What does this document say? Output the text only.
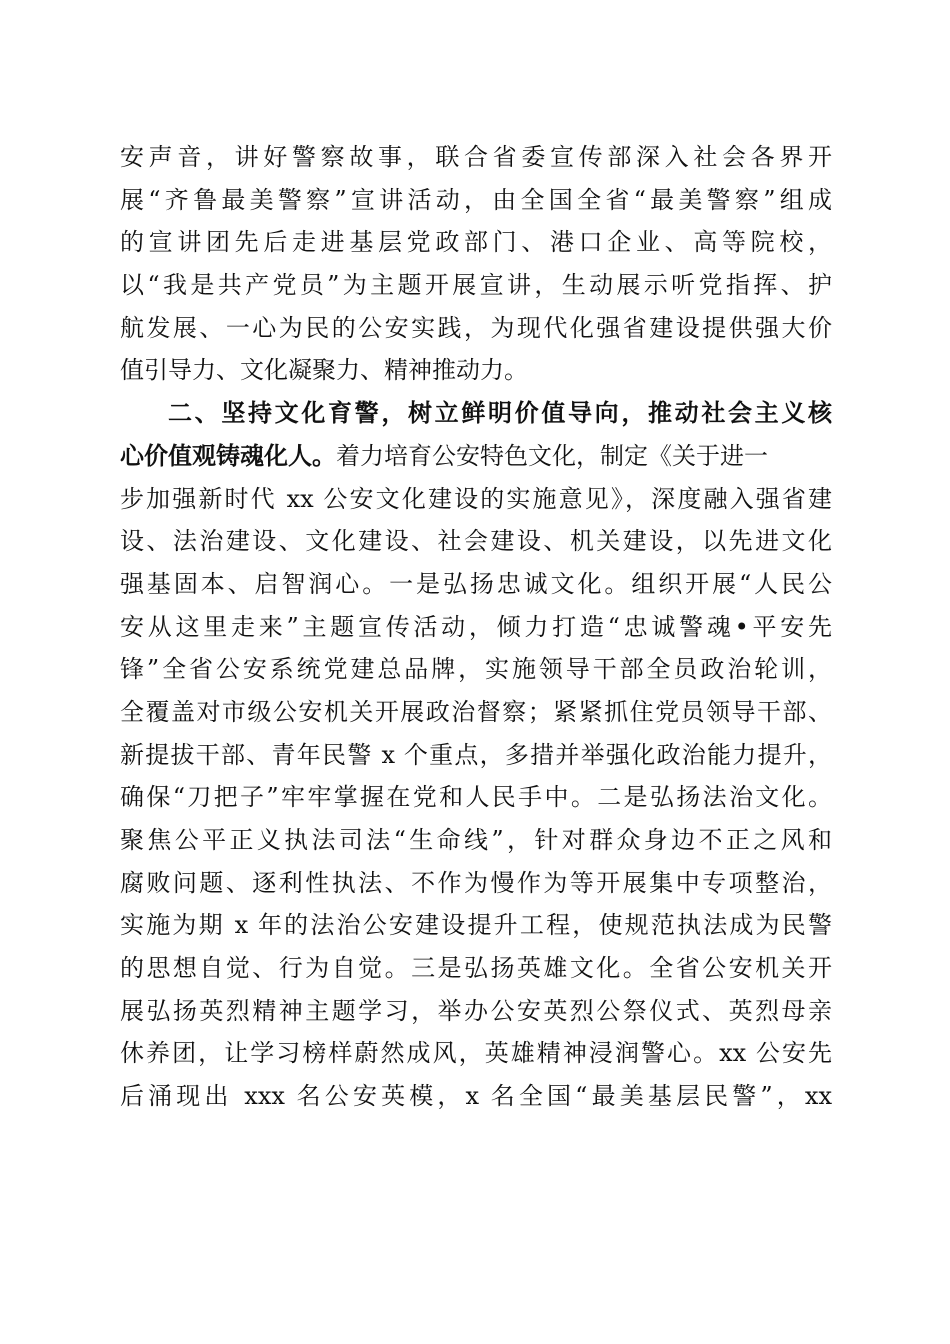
安声音，讲好警察故事，联合省委宣传部深入社会各界开
展“齐鲁最美警察”宣讲活动，由全国全省“最美警察”组成
的宣讲团先后走进基层党政部门、港口企业、高等院校，
以“我是共产党员”为主题开展宣讲，生动展示听党指挥、护
航发展、一心为民的公安实践，为现代化强省建设提供强大价
值引导力、文化凝聚力、精神推动力。
二、坚持文化育警，树立鲜明价值导向，推动社会主义核
心价值观铸魂化人。着力培育公安特色文化，制定《关于进一
步加强新时代 xx 公安文化建设的实施意见》，深度融入强省建
设、法治建设、文化建设、社会建设、机关建设，以先进文化
强基固本、启智润心。一是弘扬忠诚文化。组织开展“人民公
安从这里走来”主题宣传活动，倾力打造“忠诚警魂•平安先
锋”全省公安系统党建总品牌，实施领导干部全员政治轮训，
全覆盖对市级公安机关开展政治督察；紧紧抓住党员领导干部、
新提拔干部、青年民警 x 个重点，多措并举强化政治能力提升，
确保“刀把子”牢牢掌握在党和人民手中。二是弘扬法治文化。
聚焦公平正义执法司法“生命线”，针对群众身边不正之风和
腐败问题、逐利性执法、不作为慢作为等开展集中专项整治，
实施为期 x 年的法治公安建设提升工程，使规范执法成为民警
的思想自觉、行为自觉。三是弘扬英雄文化。全省公安机关开
展弘扬英烈精神主题学习，举办公安英烈公祭仪式、英烈母亲
休养团，让学习榜样蔚然成风，英雄精神浸润警心。xx 公安先
后涌现出 xxx 名公安英模，x 名全国“最美基层民警”，xx
